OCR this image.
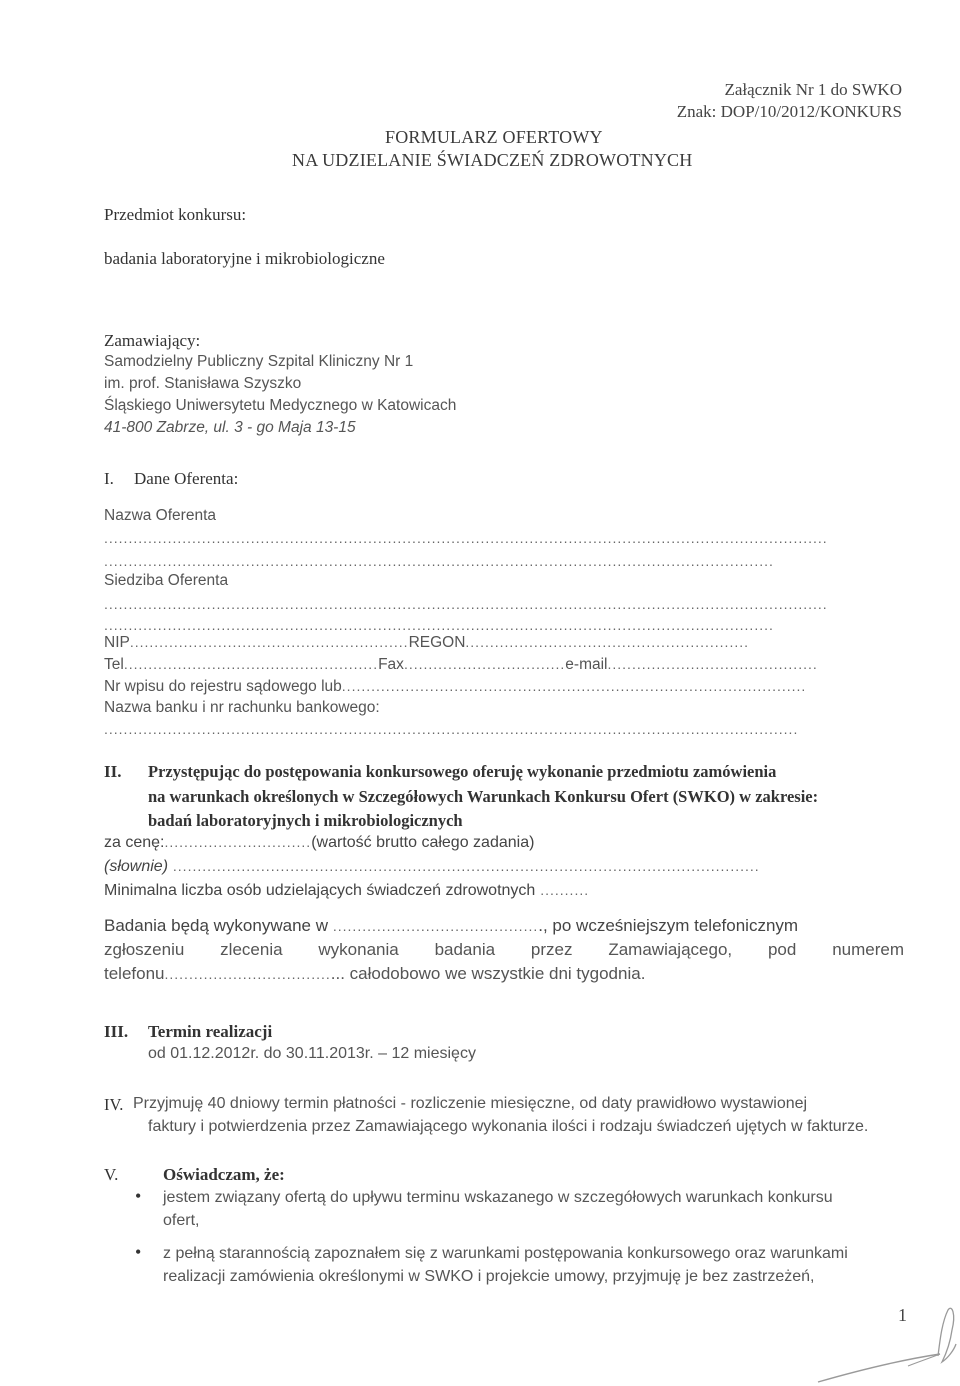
Załącznik Nr 1 do SWKO
Znak: DOP/10/2012/KONKURS
FORMULARZ OFERTOWY
NA UDZIELANIE ŚWIADCZEŃ ZDROWOTNYCH
Przedmiot konkursu:
badania laboratoryjne i mikrobiologiczne
Zamawiający:
Samodzielny Publiczny Szpital Kliniczny Nr 1
im. prof. Stanisława Szyszko
Śląskiego Uniwersytetu Medycznego w Katowicach
41-800 Zabrze, ul. 3 - go Maja 13-15
I. Dane Oferenta:
Nazwa Oferenta
....................................................................................................................................................
.........................................................................................................................................
Siedziba Oferenta
....................................................................................................................................................
.........................................................................................................................................
NIP.........................................................REGON..........................................................
Tel....................................................Fax.................................e-mail...........................................
Nr wpisu do rejestru sądowego lub...............................................................................................
Nazwa banku i nr rachunku bankowego:
..............................................................................................................................................
II. Przystępując do postępowania konkursowego oferuję wykonanie przedmiotu zamówienia
na warunkach określonych w Szczegółowych Warunkach Konkursu Ofert (SWKO) w zakresie:
badań laboratoryjnych i mikrobiologicznych
za cenę:..............................(wartość brutto całego zadania)
(słownie) ........................................................................................................................
Minimalna liczba osób udzielających świadczeń zdrowotnych ..........
Badania będą wykonywane w ..........................................., po wcześniejszym telefonicznym
zgłoszeniu zlecenia wykonania badania przez Zamawiającego, pod numerem
telefonu..................................... całodobowo we wszystkie dni tygodnia.
III. Termin realizacji
od 01.12.2012r. do 30.11.2013r. – 12 miesięcy
IV. Przyjmuję 40 dniowy termin płatności - rozliczenie miesięczne, od daty prawidłowo wystawionej
faktury i potwierdzenia przez Zamawiającego wykonania ilości i rodzaju świadczeń ujętych w fakturze.
V.	Oświadczam, że:
• jestem związany ofertą do upływu terminu wskazanego w szczegółowych warunkach konkursu
ofert,
• z pełną starannością zapoznałem się z warunkami postępowania konkursowego oraz warunkami
realizacji zamówienia określonymi w SWKO i projekcie umowy, przyjmuję je bez zastrzeżeń,
1
